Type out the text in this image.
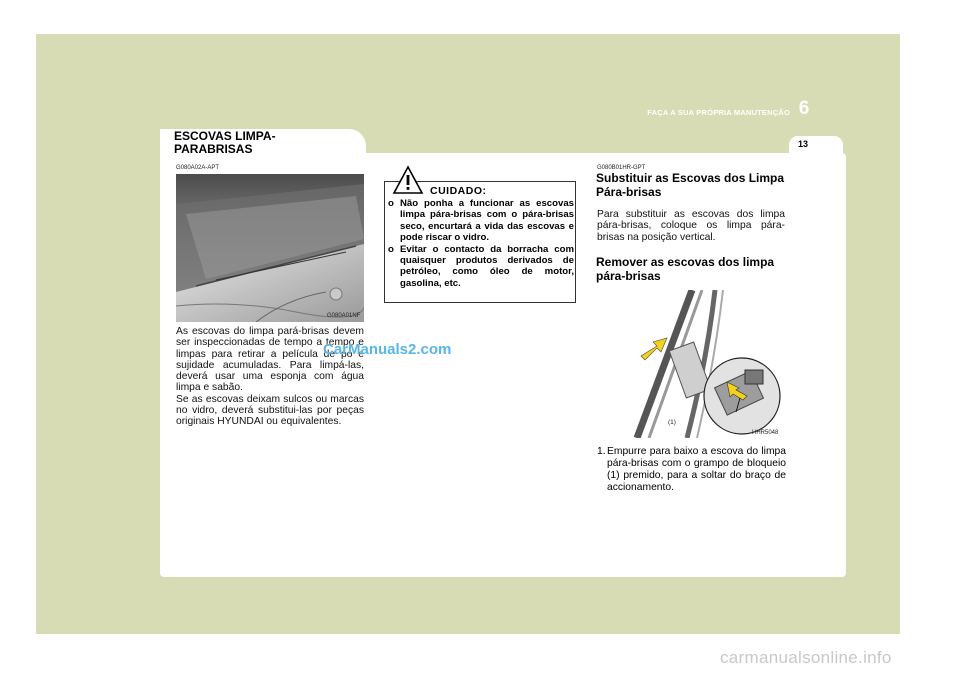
FAÇA A SUA PRÓPRIA MANUTENÇÃO 6
13
ESCOVAS LIMPA-PARABRISAS
G080A02A-APT
G080A01NF

As escovas do limpa pará-brisas devem ser inspeccionadas de tempo a tempo e limpas para retirar a película de pó e sujidade acumuladas. Para limpá-las, deverá usar uma esponja com água limpa e sabão.

Se as escovas deixam sulcos ou marcas no vidro, deverá substitui-las por peças originais HYUNDAI ou equivalentes.

CUIDADO:
o Não ponha a funcionar as escovas limpa pára-brisas com o pára-brisas seco, encurtará a vida das escovas e pode riscar o vidro.
o Evitar o contacto da borracha com quaisquer produtos derivados de petróleo, como óleo de motor, gasolina, etc.
G080B01HR-GPT
Substituir as Escovas dos Limpa Pára-brisas
Para substituir as escovas dos limpa pára-brisas, coloque os limpa pára-brisas na posição vertical.
Remover as escovas dos limpa pára-brisas
(1)
HHR5048
1. Empurre para baixo a escova do limpa pára-brisas com o grampo de bloqueio (1) premido, para a soltar do braço de accionamento.
CarManuals2.com
carmanualsonline.info
